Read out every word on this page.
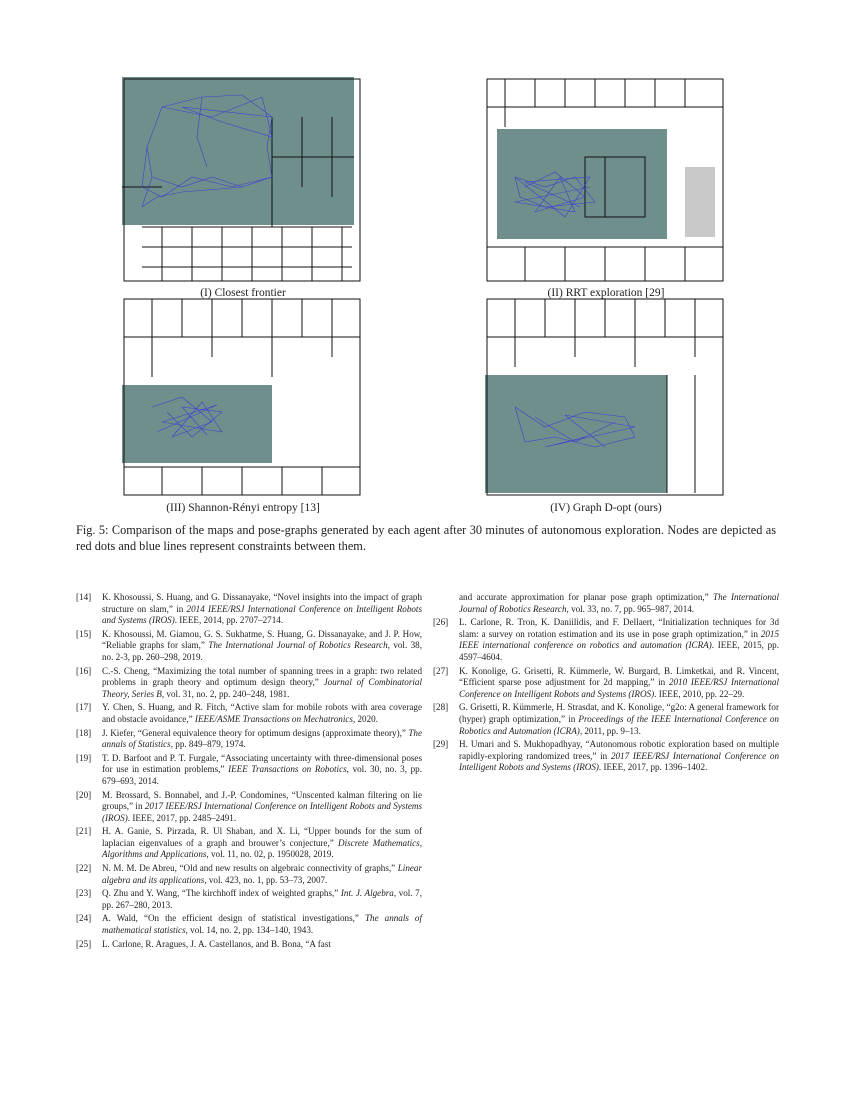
(I) Closest frontier	(II) RRT exploration [29]
(III) Shannon-Rényi entropy [13]	(IV) Graph D-opt (ours)
Fig. 5: Comparison of the maps and pose-graphs generated by each agent after 30 minutes of autonomous exploration. Nodes are depicted as red dots and blue lines represent constraints between them.
[14] K. Khosoussi, S. Huang, and G. Dissanayake, “Novel insights into the impact of graph structure on slam,” in 2014 IEEE/RSJ International Conference on Intelligent Robots and Systems (IROS). IEEE, 2014, pp. 2707–2714.
[15] K. Khosoussi, M. Giamou, G. S. Sukhatme, S. Huang, G. Dissanayake, and J. P. How, “Reliable graphs for slam,” The International Journal of Robotics Research, vol. 38, no. 2-3, pp. 260–298, 2019.
[16] C.-S. Cheng, “Maximizing the total number of spanning trees in a graph: two related problems in graph theory and optimum design theory,” Journal of Combinatorial Theory, Series B, vol. 31, no. 2, pp. 240–248, 1981.
[17] Y. Chen, S. Huang, and R. Fitch, “Active slam for mobile robots with area coverage and obstacle avoidance,” IEEE/ASME Transactions on Mechatronics, 2020.
[18] J. Kiefer, “General equivalence theory for optimum designs (approximate theory),” The annals of Statistics, pp. 849–879, 1974.
[19] T. D. Barfoot and P. T. Furgale, “Associating uncertainty with three-dimensional poses for use in estimation problems,” IEEE Transactions on Robotics, vol. 30, no. 3, pp. 679–693, 2014.
[20] M. Brossard, S. Bonnabel, and J.-P. Condomines, “Unscented kalman filtering on lie groups,” in 2017 IEEE/RSJ International Conference on Intelligent Robots and Systems (IROS). IEEE, 2017, pp. 2485–2491.
[21] H. A. Ganie, S. Pirzada, R. Ul Shaban, and X. Li, “Upper bounds for the sum of laplacian eigenvalues of a graph and brouwer’s conjecture,” Discrete Mathematics, Algorithms and Applications, vol. 11, no. 02, p. 1950028, 2019.
[22] N. M. M. De Abreu, “Old and new results on algebraic connectivity of graphs,” Linear algebra and its applications, vol. 423, no. 1, pp. 53–73, 2007.
[23] Q. Zhu and Y. Wang, “The kirchhoff index of weighted graphs,” Int. J. Algebra, vol. 7, pp. 267–280, 2013.
[24] A. Wald, “On the efficient design of statistical investigations,” The annals of mathematical statistics, vol. 14, no. 2, pp. 134–140, 1943.
[25] L. Carlone, R. Aragues, J. A. Castellanos, and B. Bona, “A fast
and accurate approximation for planar pose graph optimization,” The International Journal of Robotics Research, vol. 33, no. 7, pp. 965–987, 2014.
[26] L. Carlone, R. Tron, K. Daniilidis, and F. Dellaert, “Initialization techniques for 3d slam: a survey on rotation estimation and its use in pose graph optimization,” in 2015 IEEE international conference on robotics and automation (ICRA). IEEE, 2015, pp. 4597–4604.
[27] K. Konolige, G. Grisetti, R. Kümmerle, W. Burgard, B. Limketkai, and R. Vincent, “Efficient sparse pose adjustment for 2d mapping,” in 2010 IEEE/RSJ International Conference on Intelligent Robots and Systems (IROS). IEEE, 2010, pp. 22–29.
[28] G. Grisetti, R. Kümmerle, H. Strasdat, and K. Konolige, “g2o: A general framework for (hyper) graph optimization,” in Proceedings of the IEEE International Conference on Robotics and Automation (ICRA), 2011, pp. 9–13.
[29] H. Umari and S. Mukhopadhyay, “Autonomous robotic exploration based on multiple rapidly-exploring randomized trees,” in 2017 IEEE/RSJ International Conference on Intelligent Robots and Systems (IROS). IEEE, 2017, pp. 1396–1402.
